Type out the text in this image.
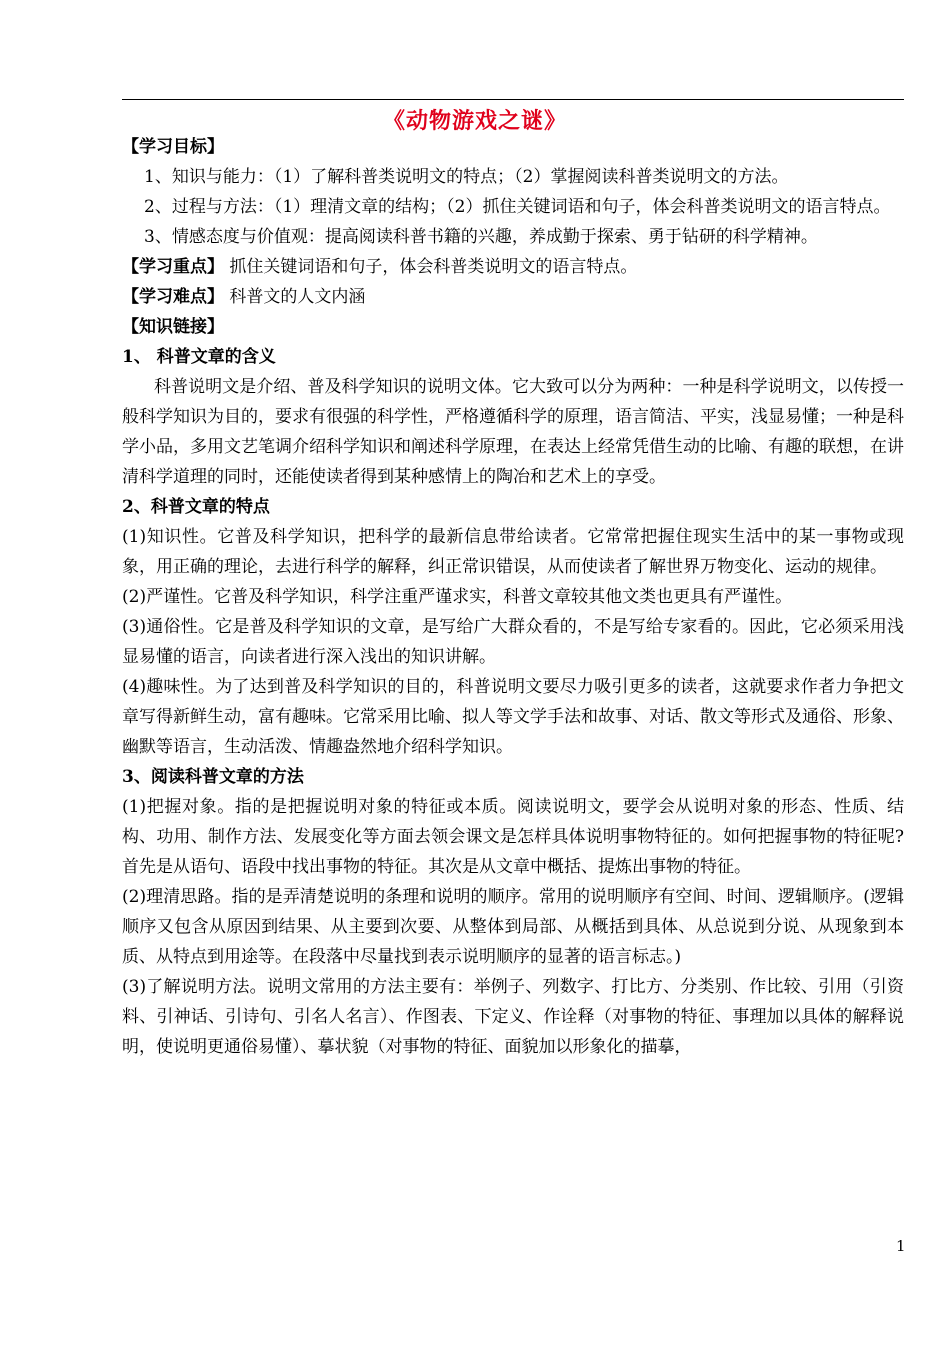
《动物游戏之谜》

【学习目标】

1、知识与能力：（1）了解科普类说明文的特点；（2）掌握阅读科普类说明文的方法。

2、过程与方法：（1）理清文章的结构；（2）抓住关键词语和句子，体会科普类说明文的语言特点。

3、情感态度与价值观：提高阅读科普书籍的兴趣，养成勤于探索、勇于钻研的科学精神。

【学习重点】 抓住关键词语和句子，体会科普类说明文的语言特点。

【学习难点】 科普文的人文内涵

【知识链接】

1、 科普文章的含义

科普说明文是介绍、普及科学知识的说明文体。它大致可以分为两种：一种是科学说明文，以传授一般科学知识为目的，要求有很强的科学性，严格遵循科学的原理，语言简洁、平实，浅显易懂；一种是科学小品，多用文艺笔调介绍科学知识和阐述科学原理，在表达上经常凭借生动的比喻、有趣的联想，在讲清科学道理的同时，还能使读者得到某种感情上的陶冶和艺术上的享受。

2、科普文章的特点

(1)知识性。它普及科学知识，把科学的最新信息带给读者。它常常把握住现实生活中的某一事物或现象，用正确的理论，去进行科学的解释，纠正常识错误，从而使读者了解世界万物变化、运动的规律。

(2)严谨性。它普及科学知识，科学注重严谨求实，科普文章较其他文类也更具有严谨性。

(3)通俗性。它是普及科学知识的文章，是写给广大群众看的，不是写给专家看的。因此，它必须采用浅显易懂的语言，向读者进行深入浅出的知识讲解。

(4)趣味性。为了达到普及科学知识的目的，科普说明文要尽力吸引更多的读者，这就要求作者力争把文章写得新鲜生动，富有趣味。它常采用比喻、拟人等文学手法和故事、对话、散文等形式及通俗、形象、幽默等语言，生动活泼、情趣盎然地介绍科学知识。

3、阅读科普文章的方法

(1)把握对象。指的是把握说明对象的特征或本质。阅读说明文，要学会从说明对象的形态、性质、结构、功用、制作方法、发展变化等方面去领会课文是怎样具体说明事物特征的。如何把握事物的特征呢?首先是从语句、语段中找出事物的特征。其次是从文章中概括、提炼出事物的特征。

(2)理清思路。指的是弄清楚说明的条理和说明的顺序。常用的说明顺序有空间、时间、逻辑顺序。(逻辑顺序又包含从原因到结果、从主要到次要、从整体到局部、从概括到具体、从总说到分说、从现象到本质、从特点到用途等。在段落中尽量找到表示说明顺序的显著的语言标志。)

(3)了解说明方法。说明文常用的方法主要有：举例子、列数字、打比方、分类别、作比较、引用（引资料、引神话、引诗句、引名人名言）、作图表、下定义、作诠释（对事物的特征、事理加以具体的解释说明，使说明更通俗易懂）、摹状貌（对事物的特征、面貌加以形象化的描摹，

1
